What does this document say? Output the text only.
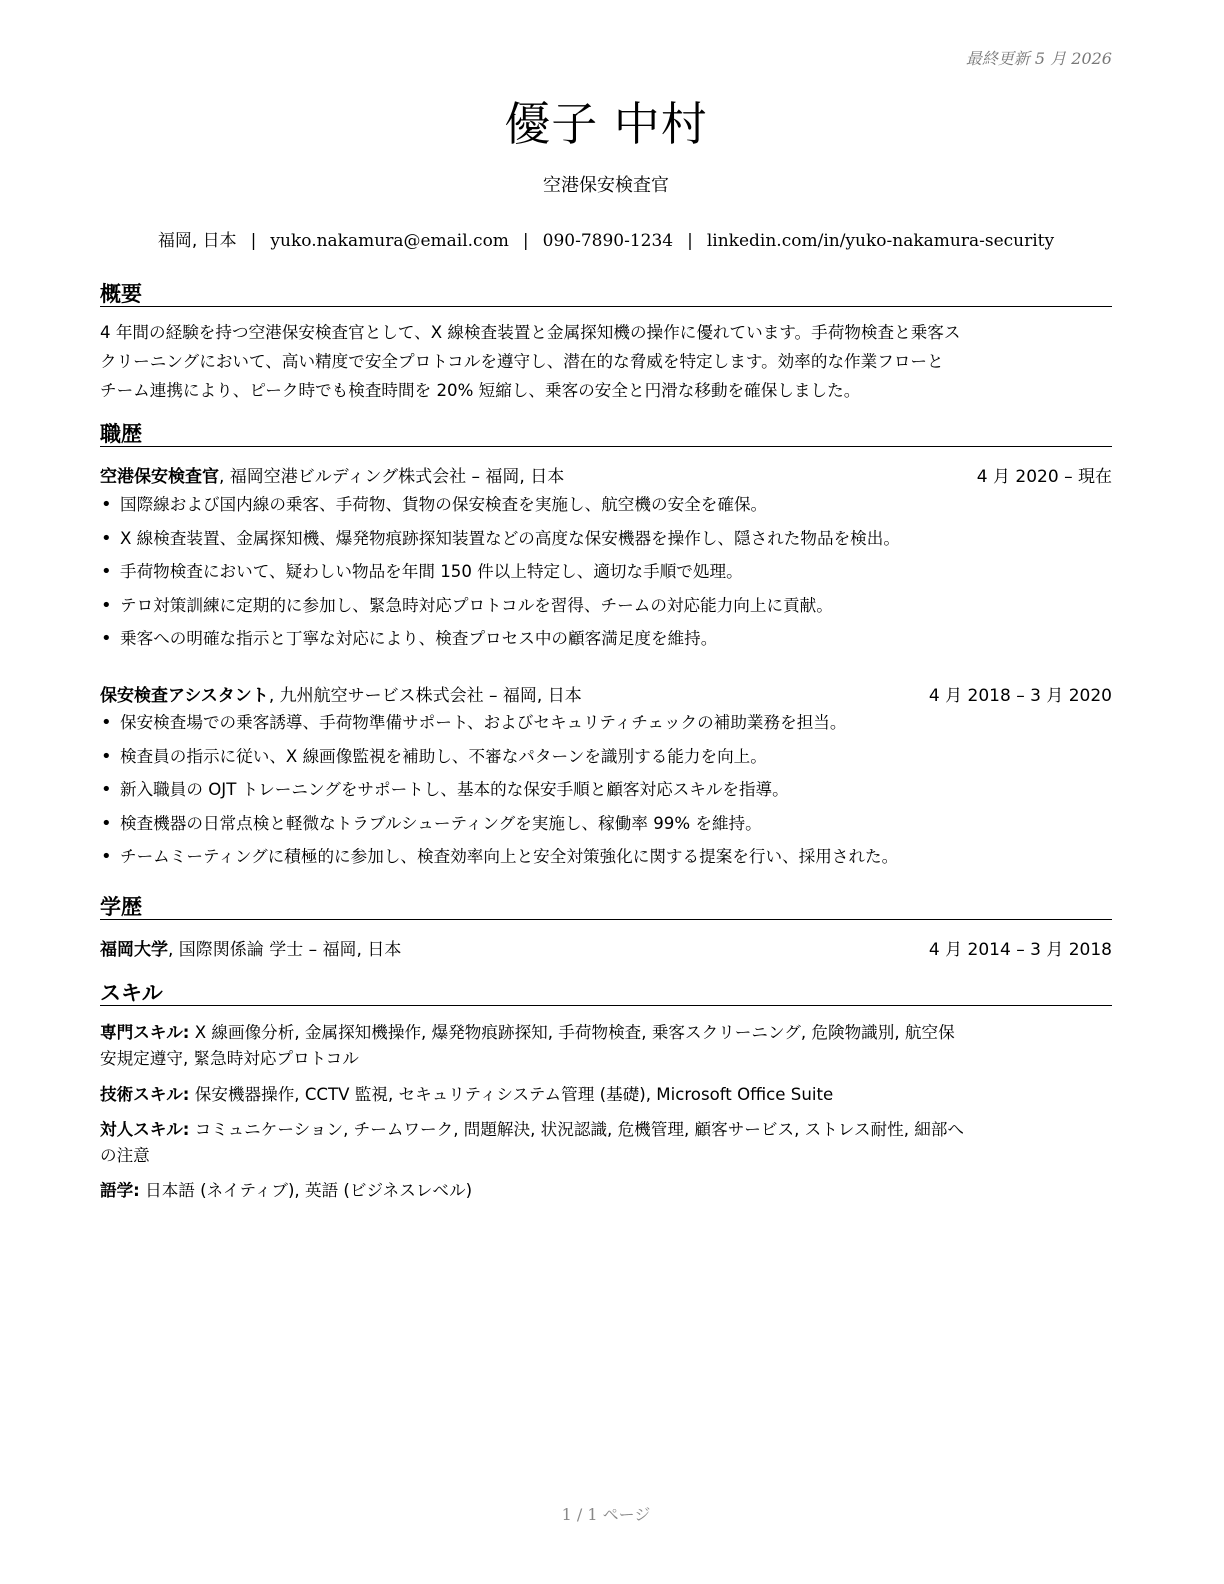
最終更新 5 月 2026
優子 中村
空港保安検査官
福岡, 日本 | yuko.nakamura@email.com | 090-7890-1234 | linkedin.com/in/yuko-nakamura-security
概要
4 年間の経験を持つ空港保安検査官として、X 線検査装置と金属探知機の操作に優れています。手荷物検査と乗客ス
クリーニングにおいて、高い精度で安全プロトコルを遵守し、潜在的な脅威を特定します。効率的な作業フローと
チーム連携により、ピーク時でも検査時間を 20% 短縮し、乗客の安全と円滑な移動を確保しました。
職歴
空港保安検査官, 福岡空港ビルディング株式会社 – 福岡, 日本	4 月 2020 – 現在
• 国際線および国内線の乗客、手荷物、貨物の保安検査を実施し、航空機の安全を確保。
• X 線検査装置、金属探知機、爆発物痕跡探知装置などの高度な保安機器を操作し、隠された物品を検出。
• 手荷物検査において、疑わしい物品を年間 150 件以上特定し、適切な手順で処理。
• テロ対策訓練に定期的に参加し、緊急時対応プロトコルを習得、チームの対応能力向上に貢献。
• 乗客への明確な指示と丁寧な対応により、検査プロセス中の顧客満足度を維持。
保安検査アシスタント, 九州航空サービス株式会社 – 福岡, 日本	4 月 2018 – 3 月 2020
• 保安検査場での乗客誘導、手荷物準備サポート、およびセキュリティチェックの補助業務を担当。
• 検査員の指示に従い、X 線画像監視を補助し、不審なパターンを識別する能力を向上。
• 新入職員の OJT トレーニングをサポートし、基本的な保安手順と顧客対応スキルを指導。
• 検査機器の日常点検と軽微なトラブルシューティングを実施し、稼働率 99% を維持。
• チームミーティングに積極的に参加し、検査効率向上と安全対策強化に関する提案を行い、採用された。
学歴
福岡大学, 国際関係論 学士 – 福岡, 日本	4 月 2014 – 3 月 2018
スキル
専門スキル: X 線画像分析, 金属探知機操作, 爆発物痕跡探知, 手荷物検査, 乗客スクリーニング, 危険物識別, 航空保
安規定遵守, 緊急時対応プロトコル
技術スキル: 保安機器操作, CCTV 監視, セキュリティシステム管理 (基礎), Microsoft Office Suite
対人スキル: コミュニケーション, チームワーク, 問題解決, 状況認識, 危機管理, 顧客サービス, ストレス耐性, 細部へ
の注意
語学: 日本語 (ネイティブ), 英語 (ビジネスレベル)
1 / 1 ページ
